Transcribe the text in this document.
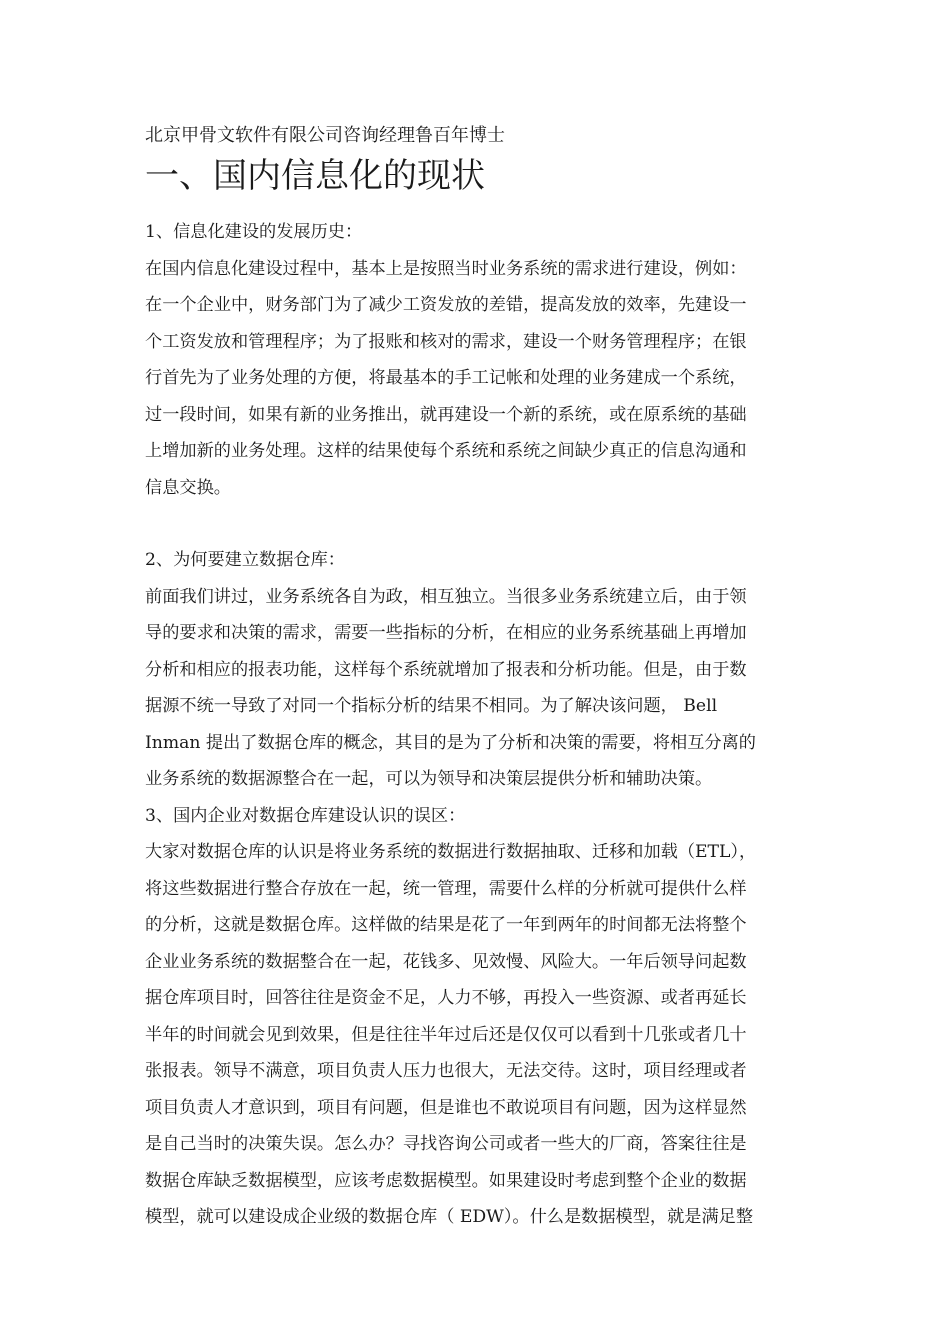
北京甲骨文软件有限公司咨询经理鲁百年博士

一、国内信息化的现状

1、信息化建设的发展历史：

在国内信息化建设过程中，基本上是按照当时业务系统的需求进行建设，例如：

在一个企业中，财务部门为了减少工资发放的差错，提高发放的效率，先建设一

个工资发放和管理程序；为了报账和核对的需求，建设一个财务管理程序；在银

行首先为了业务处理的方便，将最基本的手工记帐和处理的业务建成一个系统，

过一段时间，如果有新的业务推出，就再建设一个新的系统，或在原系统的基础

上增加新的业务处理。这样的结果使每个系统和系统之间缺少真正的信息沟通和

信息交换。

2、为何要建立数据仓库：

前面我们讲过，业务系统各自为政，相互独立。当很多业务系统建立后，由于领

导的要求和决策的需求，需要一些指标的分析，在相应的业务系统基础上再增加

分析和相应的报表功能，这样每个系统就增加了报表和分析功能。但是，由于数

据源不统一导致了对同一个指标分析的结果不相同。为了解决该问题， Bell

Inman 提出了数据仓库的概念，其目的是为了分析和决策的需要，将相互分离的

业务系统的数据源整合在一起，可以为领导和决策层提供分析和辅助决策。

3、国内企业对数据仓库建设认识的误区：

大家对数据仓库的认识是将业务系统的数据进行数据抽取、迁移和加载（ETL），

将这些数据进行整合存放在一起，统一管理，需要什么样的分析就可提供什么样

的分析，这就是数据仓库。这样做的结果是花了一年到两年的时间都无法将整个

企业业务系统的数据整合在一起，花钱多、见效慢、风险大。一年后领导问起数

据仓库项目时，回答往往是资金不足，人力不够，再投入一些资源、或者再延长

半年的时间就会见到效果，但是往往半年过后还是仅仅可以看到十几张或者几十

张报表。领导不满意，项目负责人压力也很大，无法交待。这时，项目经理或者

项目负责人才意识到，项目有问题，但是谁也不敢说项目有问题，因为这样显然

是自己当时的决策失误。怎么办？寻找咨询公司或者一些大的厂商，答案往往是

数据仓库缺乏数据模型，应该考虑数据模型。如果建设时考虑到整个企业的数据

模型，就可以建设成企业级的数据仓库（ EDW）。什么是数据模型，就是满足整
